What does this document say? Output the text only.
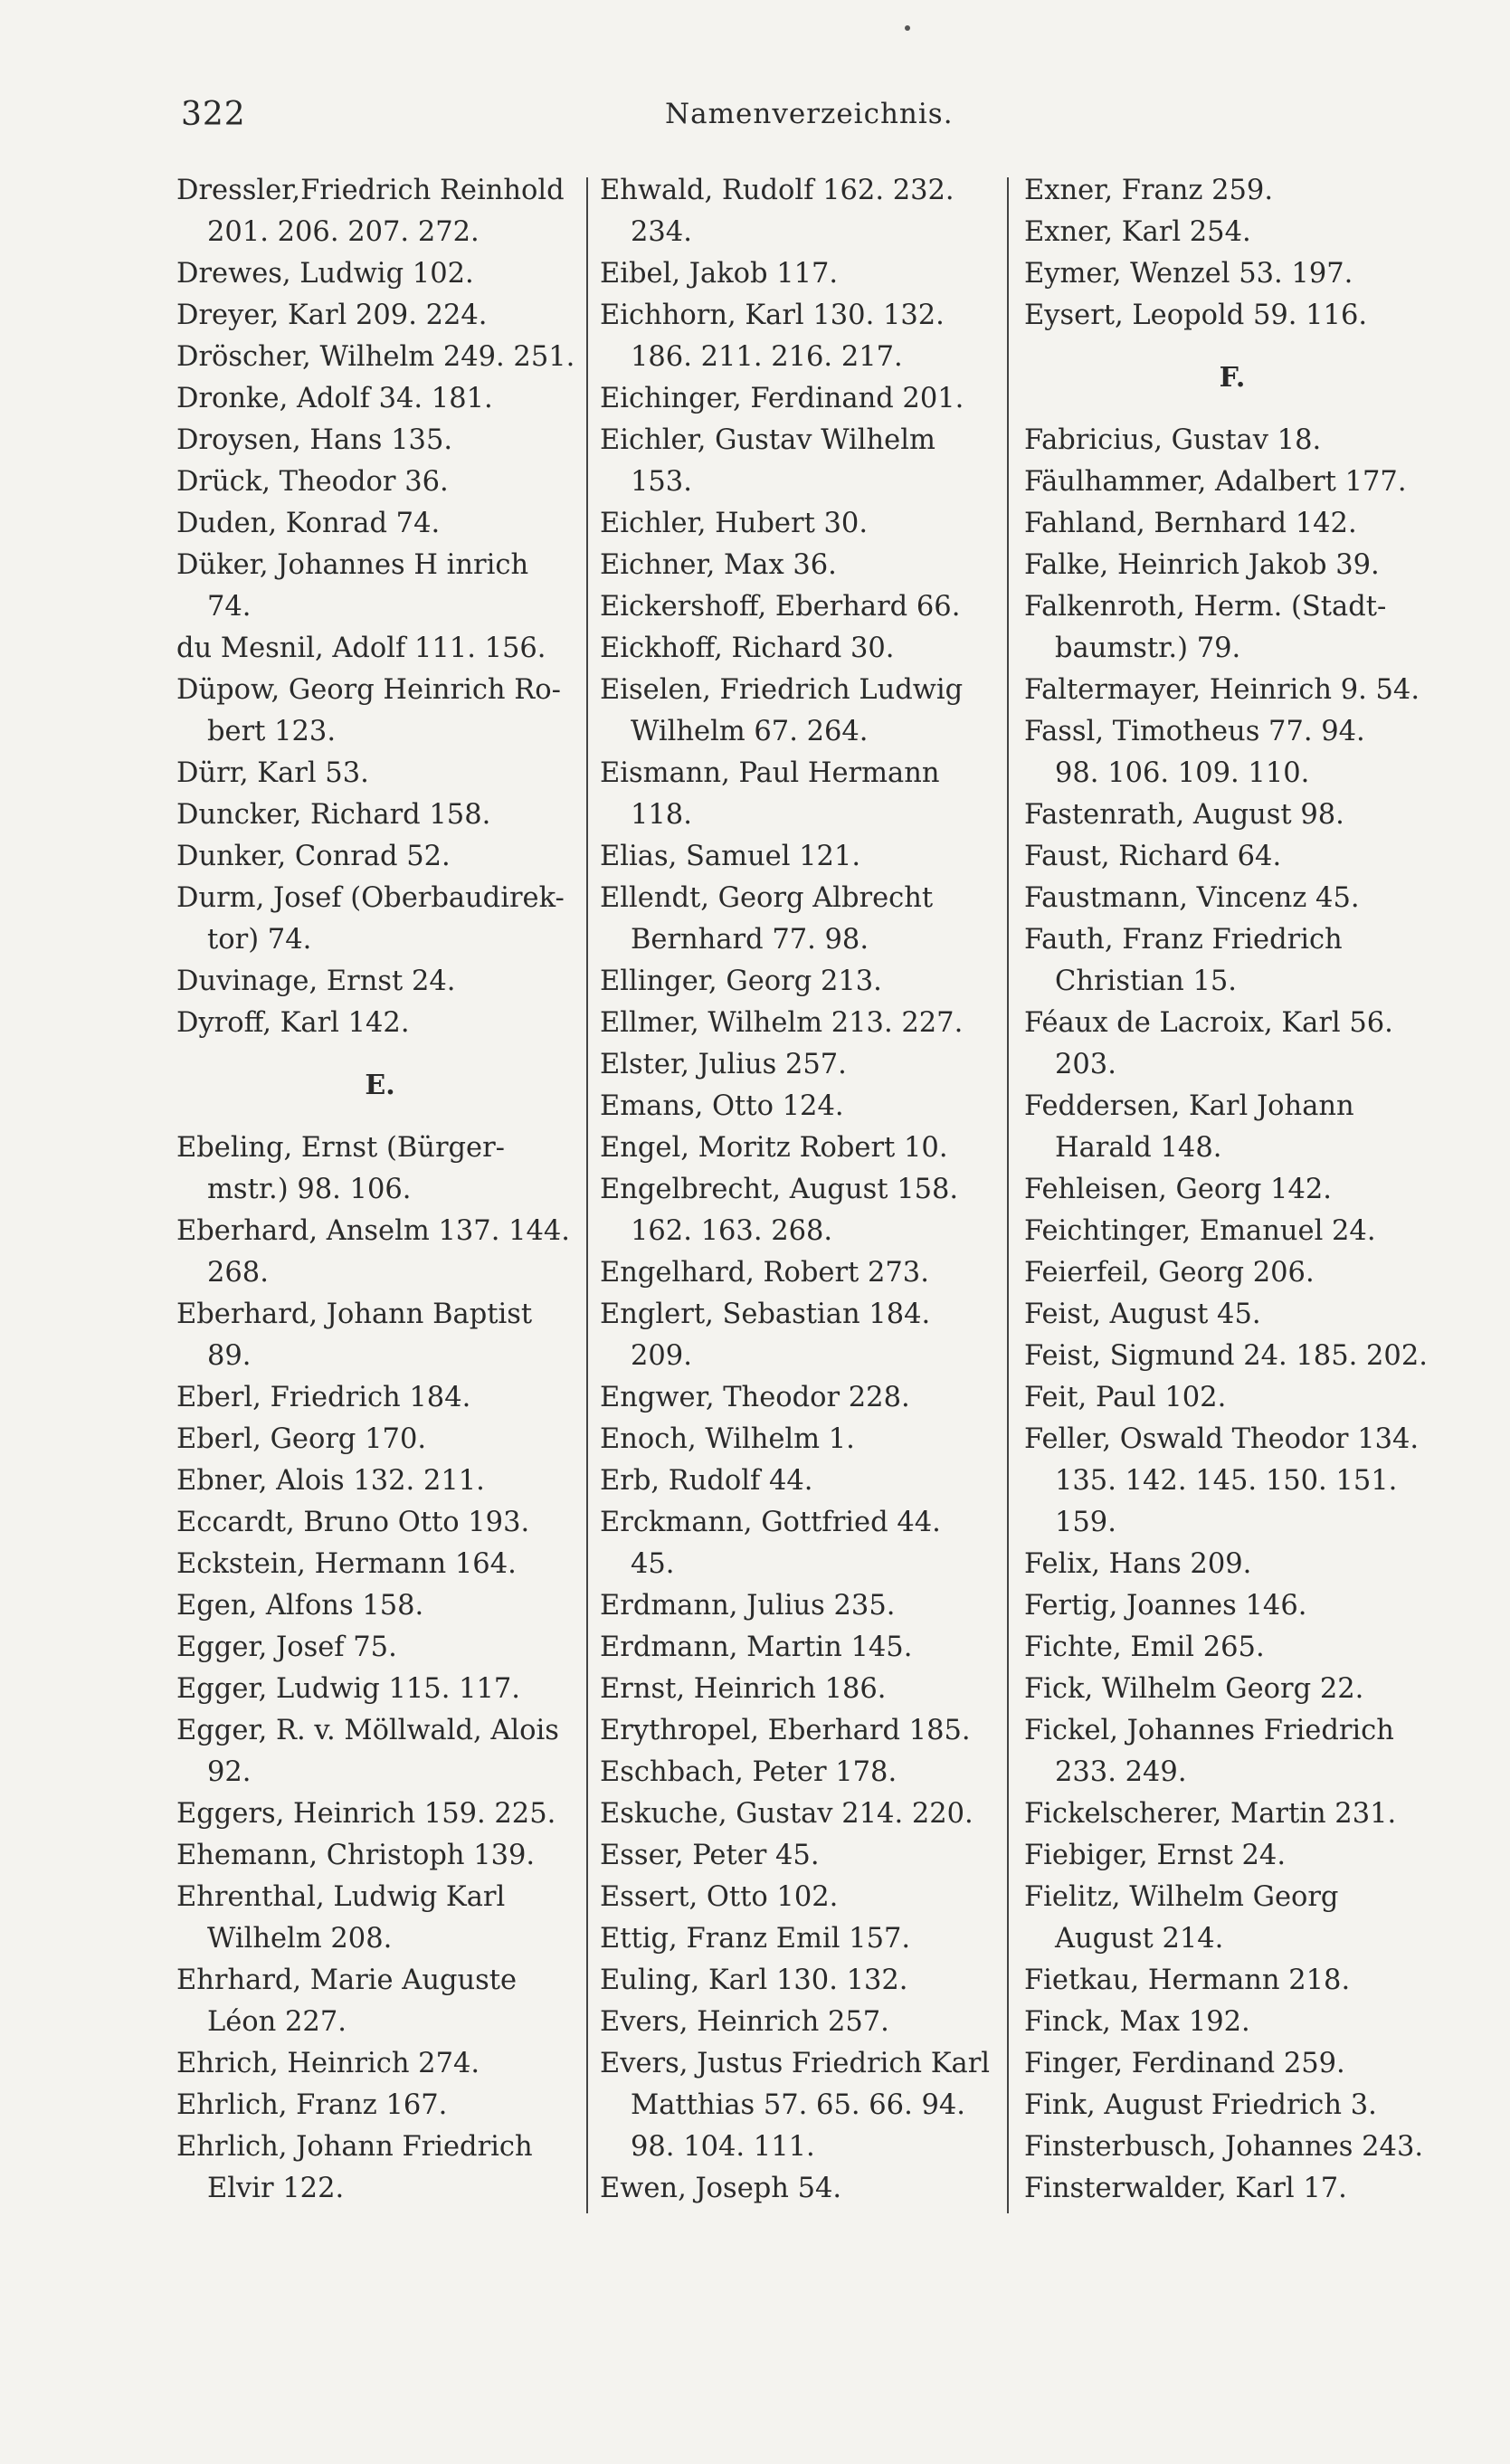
322	Namenverzeichnis.
Dressler,Friedrich Reinhold
201. 206. 207. 272.
Drewes, Ludwig 102.
Dreyer, Karl 209. 224.
Dröscher, Wilhelm 249. 251.
Dronke, Adolf 34. 181.
Droysen, Hans 135.
Drück, Theodor 36.
Duden, Konrad 74.
Düker, Johannes H inrich
74.
du Mesnil, Adolf 111. 156.
Düpow, Georg Heinrich Ro-
bert 123.
Dürr, Karl 53.
Duncker, Richard 158.
Dunker, Conrad 52.
Durm, Josef (Oberbaudirek-
tor) 74.
Duvinage, Ernst 24.
Dyroff, Karl 142.
E.
Ebeling, Ernst (Bürger-
mstr.) 98. 106.
Eberhard, Anselm 137. 144.
268.
Eberhard, Johann Baptist
89.
Eberl, Friedrich 184.
Eberl, Georg 170.
Ebner, Alois 132. 211.
Eccardt, Bruno Otto 193.
Eckstein, Hermann 164.
Egen, Alfons 158.
Egger, Josef 75.
Egger, Ludwig 115. 117.
Egger, R. v. Möllwald, Alois
92.
Eggers, Heinrich 159. 225.
Ehemann, Christoph 139.
Ehrenthal, Ludwig Karl
Wilhelm 208.
Ehrhard, Marie Auguste
Léon 227.
Ehrich, Heinrich 274.
Ehrlich, Franz 167.
Ehrlich, Johann Friedrich
Elvir 122.
Ehwald, Rudolf 162. 232.
234.
Eibel, Jakob 117.
Eichhorn, Karl 130. 132.
186. 211. 216. 217.
Eichinger, Ferdinand 201.
Eichler, Gustav Wilhelm
153.
Eichler, Hubert 30.
Eichner, Max 36.
Eickershoff, Eberhard 66.
Eickhoff, Richard 30.
Eiselen, Friedrich Ludwig
Wilhelm 67. 264.
Eismann, Paul Hermann
118.
Elias, Samuel 121.
Ellendt, Georg Albrecht
Bernhard 77. 98.
Ellinger, Georg 213.
Ellmer, Wilhelm 213. 227.
Elster, Julius 257.
Emans, Otto 124.
Engel, Moritz Robert 10.
Engelbrecht, August 158.
162. 163. 268.
Engelhard, Robert 273.
Englert, Sebastian 184.
209.
Engwer, Theodor 228.
Enoch, Wilhelm 1.
Erb, Rudolf 44.
Erckmann, Gottfried 44.
45.
Erdmann, Julius 235.
Erdmann, Martin 145.
Ernst, Heinrich 186.
Erythropel, Eberhard 185.
Eschbach, Peter 178.
Eskuche, Gustav 214. 220.
Esser, Peter 45.
Essert, Otto 102.
Ettig, Franz Emil 157.
Euling, Karl 130. 132.
Evers, Heinrich 257.
Evers, Justus Friedrich Karl
Matthias 57. 65. 66. 94.
98. 104. 111.
Ewen, Joseph 54.
Exner, Franz 259.
Exner, Karl 254.
Eymer, Wenzel 53. 197.
Eysert, Leopold 59. 116.
F.
Fabricius, Gustav 18.
Fäulhammer, Adalbert 177.
Fahland, Bernhard 142.
Falke, Heinrich Jakob 39.
Falkenroth, Herm. (Stadt-
baumstr.) 79.
Faltermayer, Heinrich 9. 54.
Fassl, Timotheus 77. 94.
98. 106. 109. 110.
Fastenrath, August 98.
Faust, Richard 64.
Faustmann, Vincenz 45.
Fauth, Franz Friedrich
Christian 15.
Féaux de Lacroix, Karl 56.
203.
Feddersen, Karl Johann
Harald 148.
Fehleisen, Georg 142.
Feichtinger, Emanuel 24.
Feierfeil, Georg 206.
Feist, August 45.
Feist, Sigmund 24. 185. 202.
Feit, Paul 102.
Feller, Oswald Theodor 134.
135. 142. 145. 150. 151.
159.
Felix, Hans 209.
Fertig, Joannes 146.
Fichte, Emil 265.
Fick, Wilhelm Georg 22.
Fickel, Johannes Friedrich
233. 249.
Fickelscherer, Martin 231.
Fiebiger, Ernst 24.
Fielitz, Wilhelm Georg
August 214.
Fietkau, Hermann 218.
Finck, Max 192.
Finger, Ferdinand 259.
Fink, August Friedrich 3.
Finsterbusch, Johannes 243.
Finsterwalder, Karl 17.
